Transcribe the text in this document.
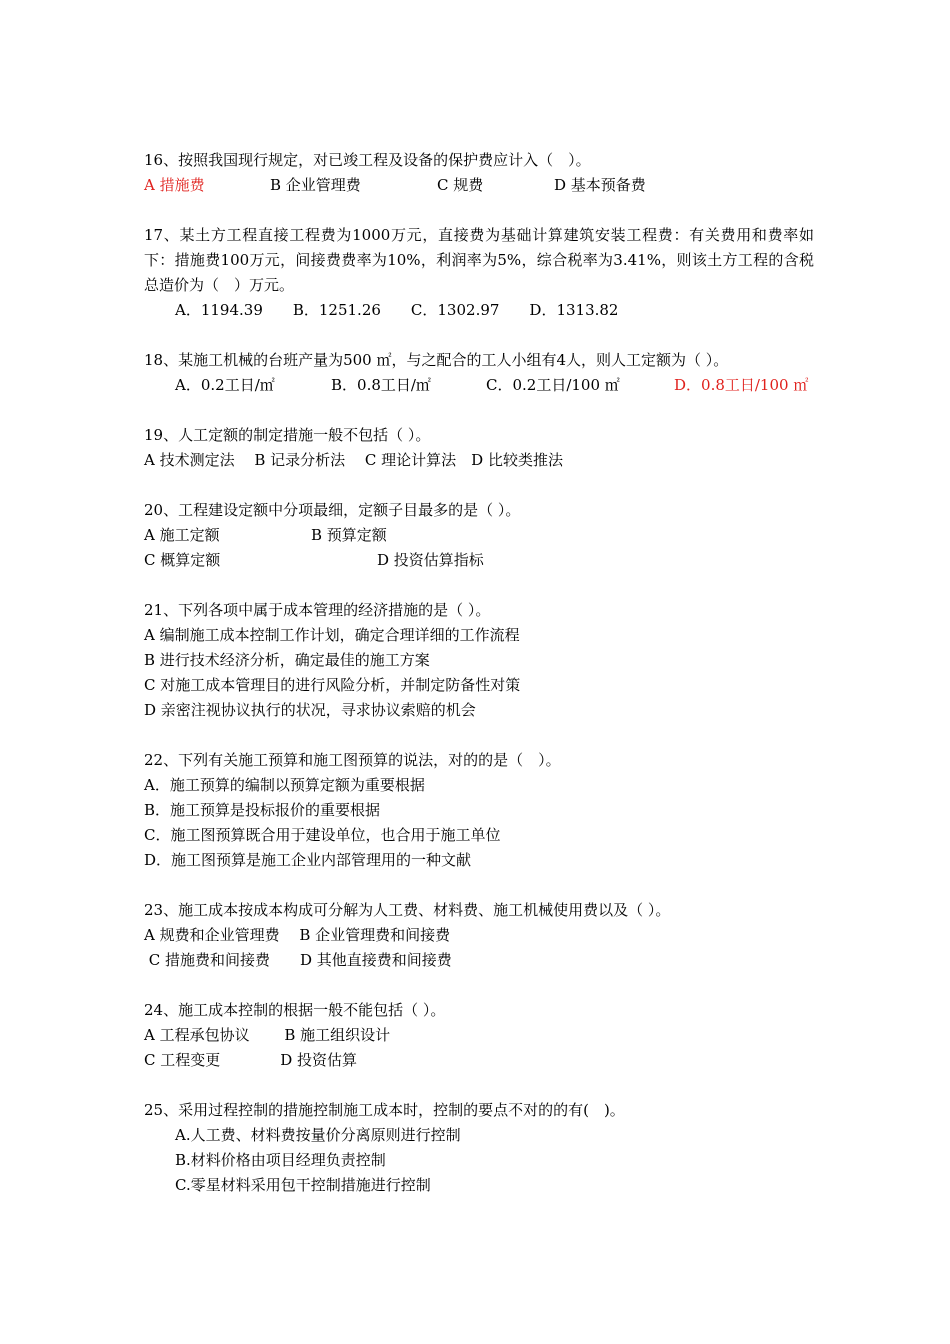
16、按照我国现行规定，对已竣工程及设备的保护费应计入（　）。
A 措施费	B 企业管理费	C 规费	D 基本预备费
17、某土方工程直接工程费为1000万元，直接费为基础计算建筑安装工程费：有关费用和费率如下：措施费100万元，间接费费率为10%，利润率为5%，综合税率为3.41%，则该土方工程的含税总造价为（　）万元。
A．1194.39　　B．1251.26　　C．1302.97　　D．1313.82
18、某施工机械的台班产量为500 ㎡，与之配合的工人小组有4人，则人工定额为（ ）。
A．0.2工日/㎡	B．0.8工日/㎡	C．0.2工日/100 ㎡	D．0.8工日/100 ㎡
19、人工定额的制定措施一般不包括（ ）。
A 技术测定法　 B 记录分析法　 C 理论计算法　D 比较类推法
20、工程建设定额中分项最细，定额子目最多的是（ ）。
A 施工定额	B 预算定额
C 概算定额	D 投资估算指标
21、下列各项中属于成本管理的经济措施的是（ ）。
A 编制施工成本控制工作计划，确定合理详细的工作流程
B 进行技术经济分析，确定最佳的施工方案
C 对施工成本管理目的进行风险分析，并制定防备性对策
D 亲密注视协议执行的状况，寻求协议索赔的机会
22、下列有关施工预算和施工图预算的说法，对的的是（　）。
A．施工预算的编制以预算定额为重要根据
B．施工预算是投标报价的重要根据
C．施工图预算既合用于建设单位，也合用于施工单位
D．施工图预算是施工企业内部管理用的一种文献
23、施工成本按成本构成可分解为人工费、材料费、施工机械使用费以及（ ）。
A 规费和企业管理费　 B 企业管理费和间接费
C 措施费和间接费　　D 其他直接费和间接费
24、施工成本控制的根据一般不能包括（ ）。
A 工程承包协议　　 B 施工组织设计
C 工程变更　　　　D 投资估算
25、采用过程控制的措施控制施工成本时，控制的要点不对的的有(　)。
A.人工费、材料费按量价分离原则进行控制
B.材料价格由项目经理负责控制
C.零星材料采用包干控制措施进行控制
